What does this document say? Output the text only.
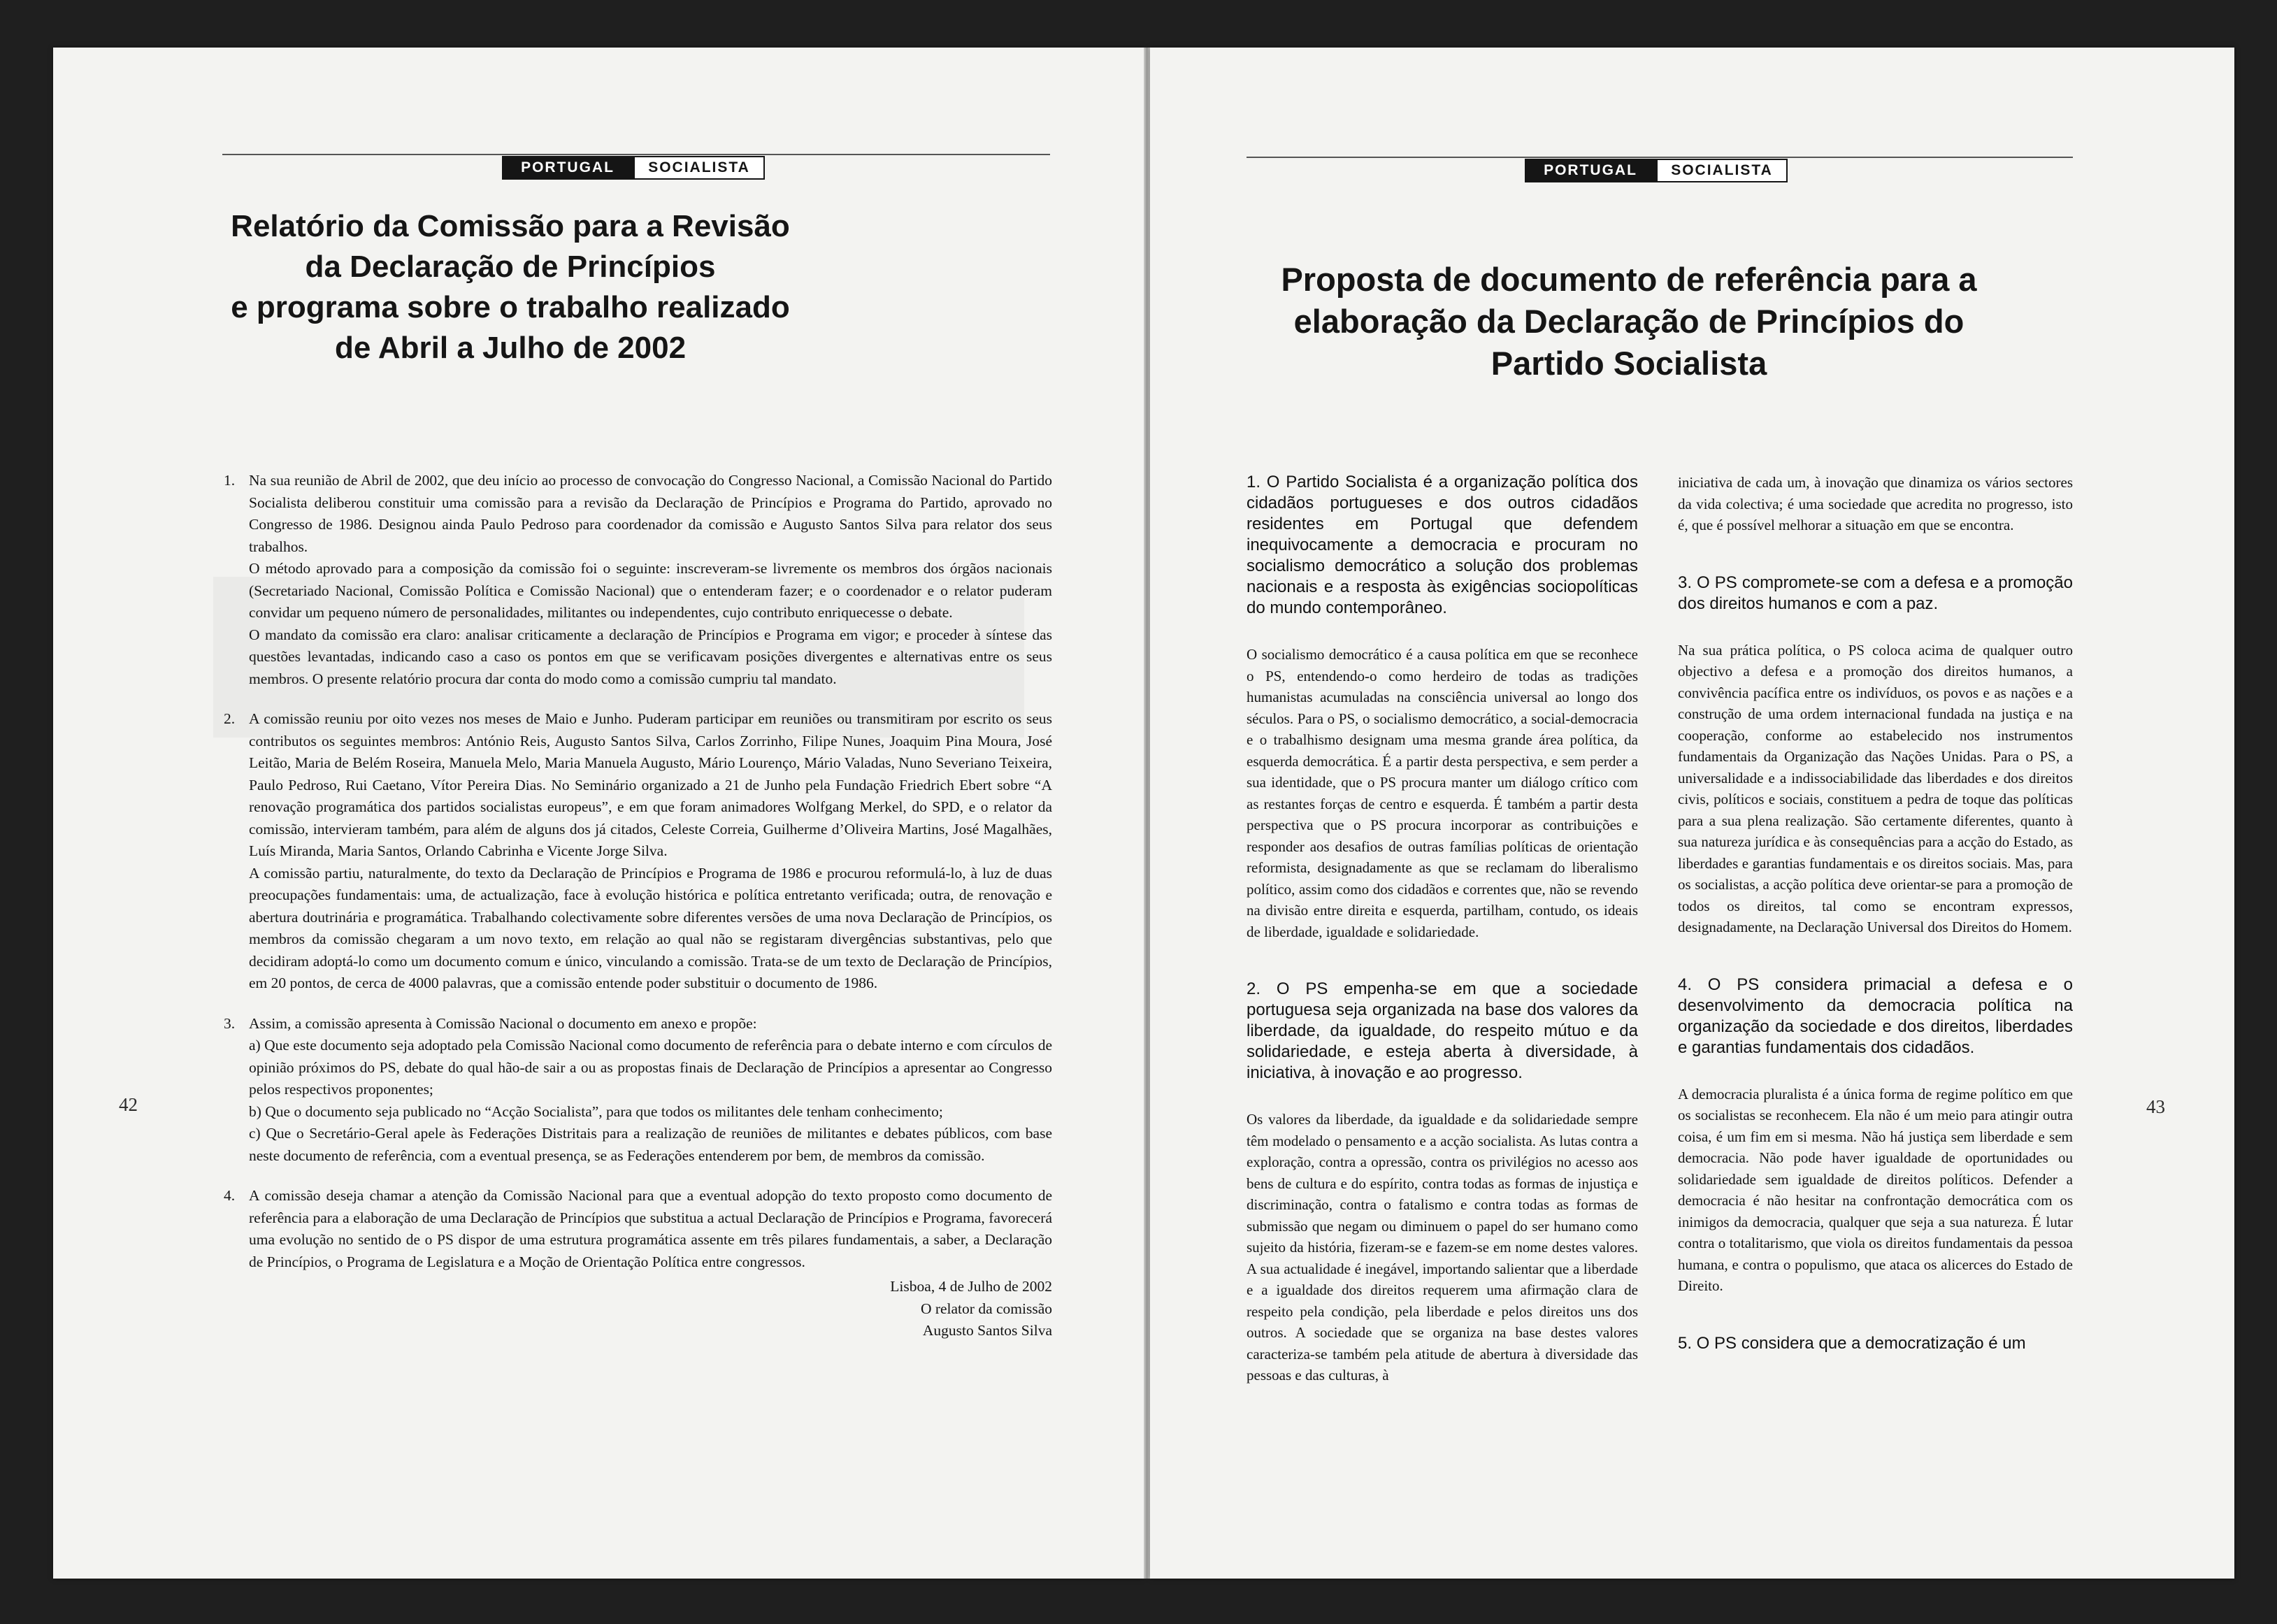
PORTUGAL	SOCIALISTA	PORTUGAL	SOCIALISTA
Relatório da Comissão para a Revisão
da Declaração de Princípios
e programa sobre o trabalho realizado
de Abril a Julho de 2002
1. Na sua reunião de Abril de 2002, que deu início ao processo de convocação do Congresso Nacional, a Comissão Nacional do Partido Socialista deliberou constituir uma comissão para a revisão da Declaração de Princípios e Programa do Partido, aprovado no Congresso de 1986. Designou ainda Paulo Pedroso para coordenador da comissão e Augusto Santos Silva para relator dos seus trabalhos.

O método aprovado para a composição da comissão foi o seguinte: inscreveram-se livremente os membros dos órgãos nacionais (Secretariado Nacional, Comissão Política e Comissão Nacional) que o entenderam fazer; e o coordenador e o relator puderam convidar um pequeno número de personalidades, militantes ou independentes, cujo contributo enriquecesse o debate.

O mandato da comissão era claro: analisar criticamente a declaração de Princípios e Programa em vigor; e proceder à síntese das questões levantadas, indicando caso a caso os pontos em que se verificavam posições divergentes e alternativas entre os seus membros. O presente relatório procura dar conta do modo como a comissão cumpriu tal mandato.

2. A comissão reuniu por oito vezes nos meses de Maio e Junho. Puderam participar em reuniões ou transmitiram por escrito os seus contributos os seguintes membros: António Reis, Augusto Santos Silva, Carlos Zorrinho, Filipe Nunes, Joaquim Pina Moura, José Leitão, Maria de Belém Roseira, Manuela Melo, Maria Manuela Augusto, Mário Lourenço, Mário Valadas, Nuno Severiano Teixeira, Paulo Pedroso, Rui Caetano, Vítor Pereira Dias. No Seminário organizado a 21 de Junho pela Fundação Friedrich Ebert sobre “A renovação programática dos partidos socialistas europeus”, e em que foram animadores Wolfgang Merkel, do SPD, e o relator da comissão, intervieram também, para além de alguns dos já citados, Celeste Correia, Guilherme d’Oliveira Martins, José Magalhães, Luís Miranda, Maria Santos, Orlando Cabrinha e Vicente Jorge Silva.

A comissão partiu, naturalmente, do texto da Declaração de Princípios e Programa de 1986 e procurou reformulá-lo, à luz de duas preocupações fundamentais: uma, de actualização, face à evolução histórica e política entretanto verificada; outra, de renovação e abertura doutrinária e programática. Trabalhando colectivamente sobre diferentes versões de uma nova Declaração de Princípios, os membros da comissão chegaram a um novo texto, em relação ao qual não se registaram divergências substantivas, pelo que decidiram adoptá-lo como um documento comum e único, vinculando a comissão. Trata-se de um texto de Declaração de Princípios, em 20 pontos, de cerca de 4000 palavras, que a comissão entende poder substituir o documento de 1986.

3. Assim, a comissão apresenta à Comissão Nacional o documento em anexo e propõe:

a) Que este documento seja adoptado pela Comissão Nacional como documento de referência para o debate interno e com círculos de opinião próximos do PS, debate do qual hão-de sair a ou as propostas finais de Declaração de Princípios a apresentar ao Congresso pelos respectivos proponentes;

b) Que o documento seja publicado no “Acção Socialista”, para que todos os militantes dele tenham conhecimento;

c) Que o Secretário-Geral apele às Federações Distritais para a realização de reuniões de militantes e debates públicos, com base neste documento de referência, com a eventual presença, se as Federações entenderem por bem, de membros da comissão.

4. A comissão deseja chamar a atenção da Comissão Nacional para que a eventual adopção do texto proposto como documento de referência para a elaboração de uma Declaração de Princípios que substitua a actual Declaração de Princípios e Programa, favorecerá uma evolução no sentido de o PS dispor de uma estrutura programática assente em três pilares fundamentais, a saber, a Declaração de Princípios, o Programa de Legislatura e a Moção de Orientação Política entre congressos.

Lisboa, 4 de Julho de 2002
O relator da comissão
Augusto Santos Silva
42
Proposta de documento de referência para a
elaboração da Declaração de Princípios do
Partido Socialista

1. O Partido Socialista é a organização política dos cidadãos portugueses e dos outros cidadãos residentes em Portugal que defendem inequivocamente a democracia e procuram no socialismo democrático a solução dos problemas nacionais e a resposta às exigências sociopolíticas do mundo contemporâneo.

O socialismo democrático é a causa política em que se reconhece o PS, entendendo-o como herdeiro de todas as tradições humanistas acumuladas na consciência universal ao longo dos séculos. Para o PS, o socialismo democrático, a social-democracia e o trabalhismo designam uma mesma grande área política, da esquerda democrática. É a partir desta perspectiva, e sem perder a sua identidade, que o PS procura manter um diálogo crítico com as restantes forças de centro e esquerda. É também a partir desta perspectiva que o PS procura incorporar as contribuições e responder aos desafios de outras famílias políticas de orientação reformista, designadamente as que se reclamam do liberalismo político, assim como dos cidadãos e correntes que, não se revendo na divisão entre direita e esquerda, partilham, contudo, os ideais de liberdade, igualdade e solidariedade.

2. O PS empenha-se em que a sociedade portuguesa seja organizada na base dos valores da liberdade, da igualdade, do respeito mútuo e da solidariedade, e esteja aberta à diversidade, à iniciativa, à inovação e ao progresso.

Os valores da liberdade, da igualdade e da solidariedade sempre têm modelado o pensamento e a acção socialista. As lutas contra a exploração, contra a opressão, contra os privilégios no acesso aos bens de cultura e do espírito, contra todas as formas de injustiça e discriminação, contra o fatalismo e contra todas as formas de submissão que negam ou diminuem o papel do ser humano como sujeito da história, fizeram-se e fazem-se em nome destes valores. A sua actualidade é inegável, importando salientar que a liberdade e a igualdade dos direitos requerem uma afirmação clara de respeito pela condição, pela liberdade e pelos direitos uns dos outros. A sociedade que se organiza na base destes valores caracteriza-se também pela atitude de abertura à diversidade das pessoas e das culturas, à

iniciativa de cada um, à inovação que dinamiza os vários sectores da vida colectiva; é uma sociedade que acredita no progresso, isto é, que é possível melhorar a situação em que se encontra.

3. O PS compromete-se com a defesa e a promoção dos direitos humanos e com a paz.

Na sua prática política, o PS coloca acima de qualquer outro objectivo a defesa e a promoção dos direitos humanos, a convivência pacífica entre os indivíduos, os povos e as nações e a construção de uma ordem internacional fundada na justiça e na cooperação, conforme ao estabelecido nos instrumentos fundamentais da Organização das Nações Unidas. Para o PS, a universalidade e a indissociabilidade das liberdades e dos direitos civis, políticos e sociais, constituem a pedra de toque das políticas para a sua plena realização. São certamente diferentes, quanto à sua natureza jurídica e às consequências para a acção do Estado, as liberdades e garantias fundamentais e os direitos sociais. Mas, para os socialistas, a acção política deve orientar-se para a promoção de todos os direitos, tal como se encontram expressos, designadamente, na Declaração Universal dos Direitos do Homem.

4. O PS considera primacial a defesa e o desenvolvimento da democracia política na organização da sociedade e dos direitos, liberdades e garantias fundamentais dos cidadãos.

A democracia pluralista é a única forma de regime político em que os socialistas se reconhecem. Ela não é um meio para atingir outra coisa, é um fim em si mesma. Não há justiça sem liberdade e sem democracia. Não pode haver igualdade de oportunidades ou solidariedade sem igualdade de direitos políticos. Defender a democracia é não hesitar na confrontação democrática com os inimigos da democracia, qualquer que seja a sua natureza. É lutar contra o totalitarismo, que viola os direitos fundamentais da pessoa humana, e contra o populismo, que ataca os alicerces do Estado de Direito.

5. O PS considera que a democratização é um

43
